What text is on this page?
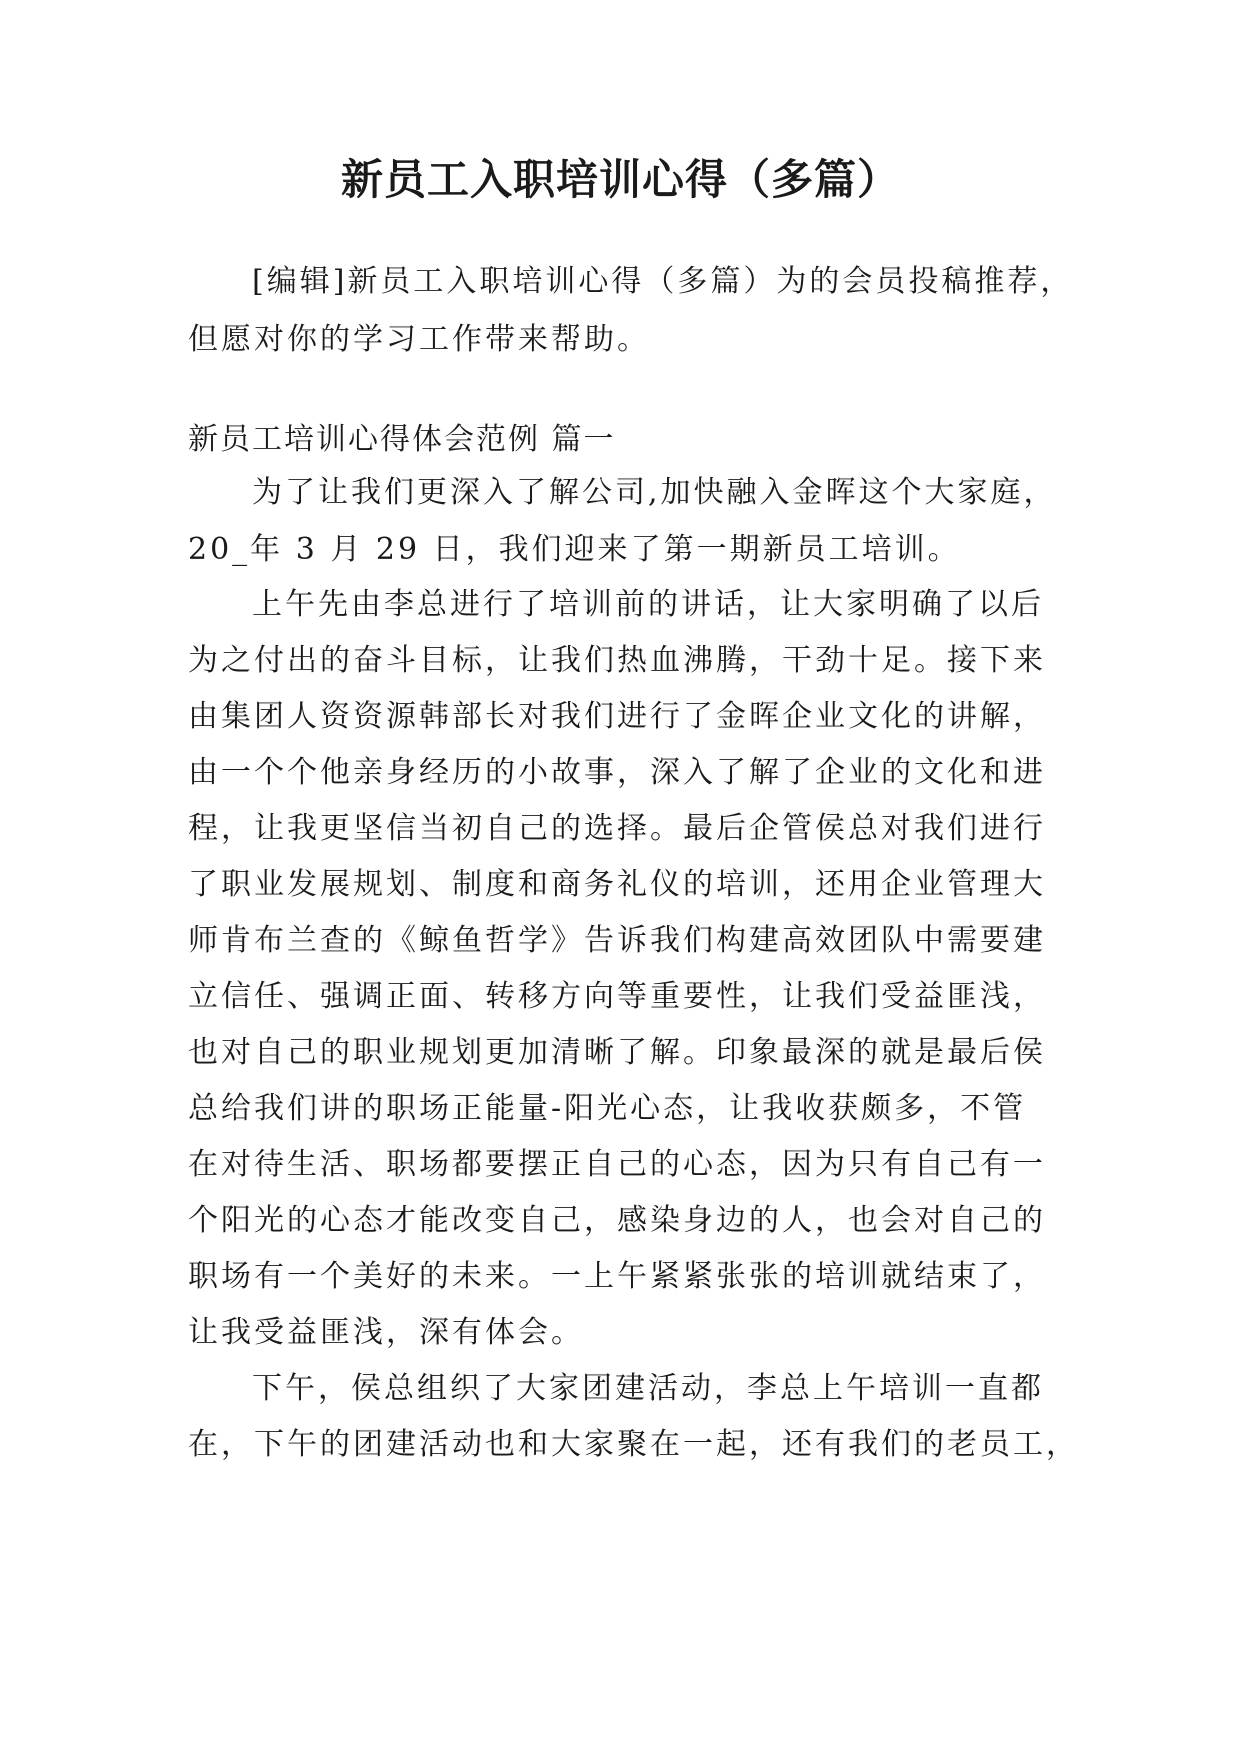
新员工入职培训心得（多篇）
[编辑]新员工入职培训心得（多篇）为的会员投稿推荐，
但愿对你的学习工作带来帮助。
新员工培训心得体会范例 篇一
为了让我们更深入了解公司,加快融入金晖这个大家庭，
20_年 3 月 29 日，我们迎来了第一期新员工培训。
上午先由李总进行了培训前的讲话，让大家明确了以后
为之付出的奋斗目标，让我们热血沸腾，干劲十足。接下来
由集团人资资源韩部长对我们进行了金晖企业文化的讲解，
由一个个他亲身经历的小故事，深入了解了企业的文化和进
程，让我更坚信当初自己的选择。最后企管侯总对我们进行
了职业发展规划、制度和商务礼仪的培训，还用企业管理大
师肯布兰查的《鲸鱼哲学》告诉我们构建高效团队中需要建
立信任、强调正面、转移方向等重要性，让我们受益匪浅，
也对自己的职业规划更加清晰了解。印象最深的就是最后侯
总给我们讲的职场正能量-阳光心态，让我收获颇多，不管
在对待生活、职场都要摆正自己的心态，因为只有自己有一
个阳光的心态才能改变自己，感染身边的人，也会对自己的
职场有一个美好的未来。一上午紧紧张张的培训就结束了，
让我受益匪浅，深有体会。
下午，侯总组织了大家团建活动，李总上午培训一直都
在，下午的团建活动也和大家聚在一起，还有我们的老员工，
